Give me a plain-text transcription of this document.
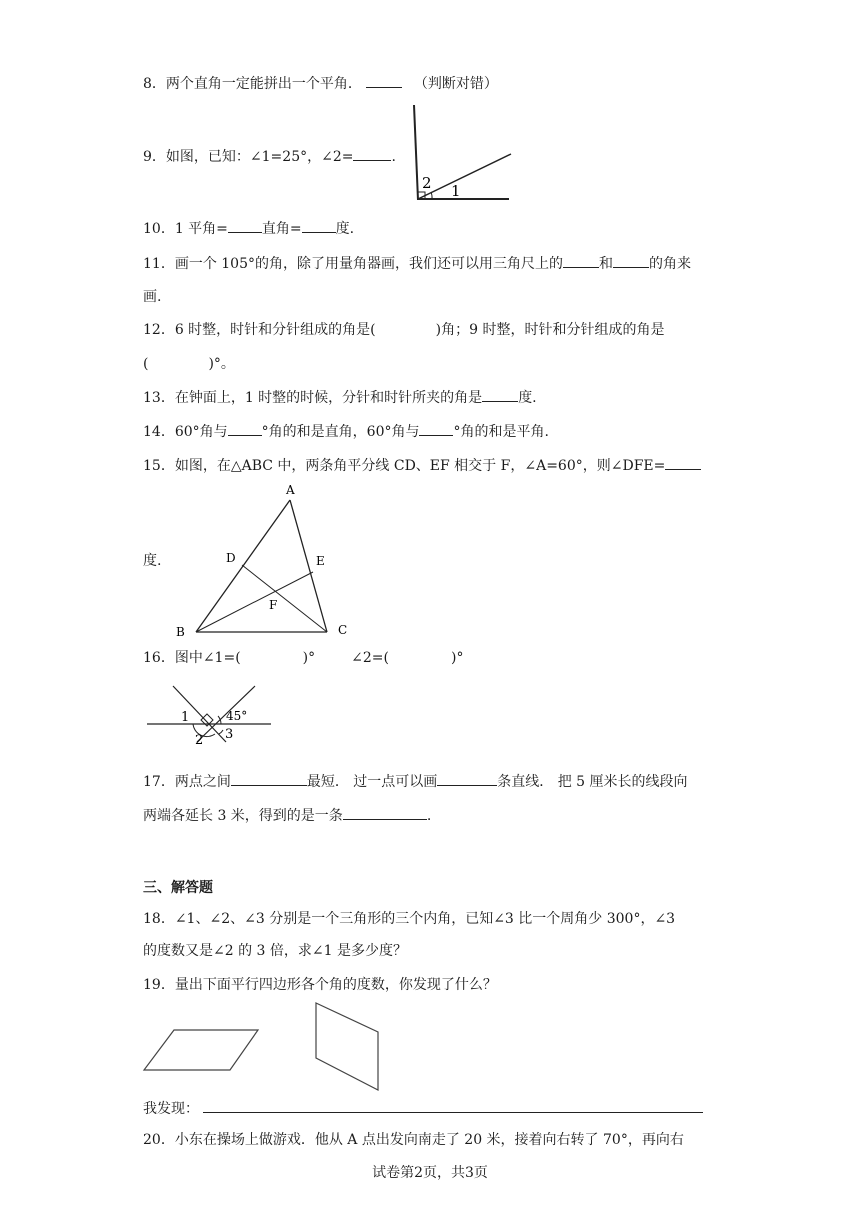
8．两个直角一定能拼出一个平角．	（判断对错）
9．如图，已知：∠1=25°，∠2=	.
2 1
10．1 平角= 直角= 度.
11．画一个 105°的角，除了用量角器画，我们还可以用三角尺上的	和	的角来
画.
12．6 时整，时针和分针组成的角是(	)角；9 时整，时针和分针组成的角是
(	)°。
13．在钟面上，1 时整的时候，分针和时针所夹的角是	度.
14．60°角与 °角的和是直角，60°角与 °角的和是平角.
15．如图，在△ABC 中，两条角平分线 CD、EF 相交于 F，∠A=60°，则∠DFE=
度.
A
B	C
D	E
F
16．图中∠1=(	)°	∠2=(	)°
1	45°
2 3
17．两点之间	最短． 过一点可以画	条直线． 把 5 厘米长的线段向
两端各延长 3 米，得到的是一条	.
三、解答题
18．∠1、∠2、∠3 分别是一个三角形的三个内角，已知∠3 比一个周角少 300°，∠3
的度数又是∠2 的 3 倍，求∠1 是多少度？
19．量出下面平行四边形各个角的度数，你发现了什么？
我发现：
20．小东在操场上做游戏．他从 A 点出发向南走了 20 米，接着向右转了 70°，再向右
试卷第2页，共3页
